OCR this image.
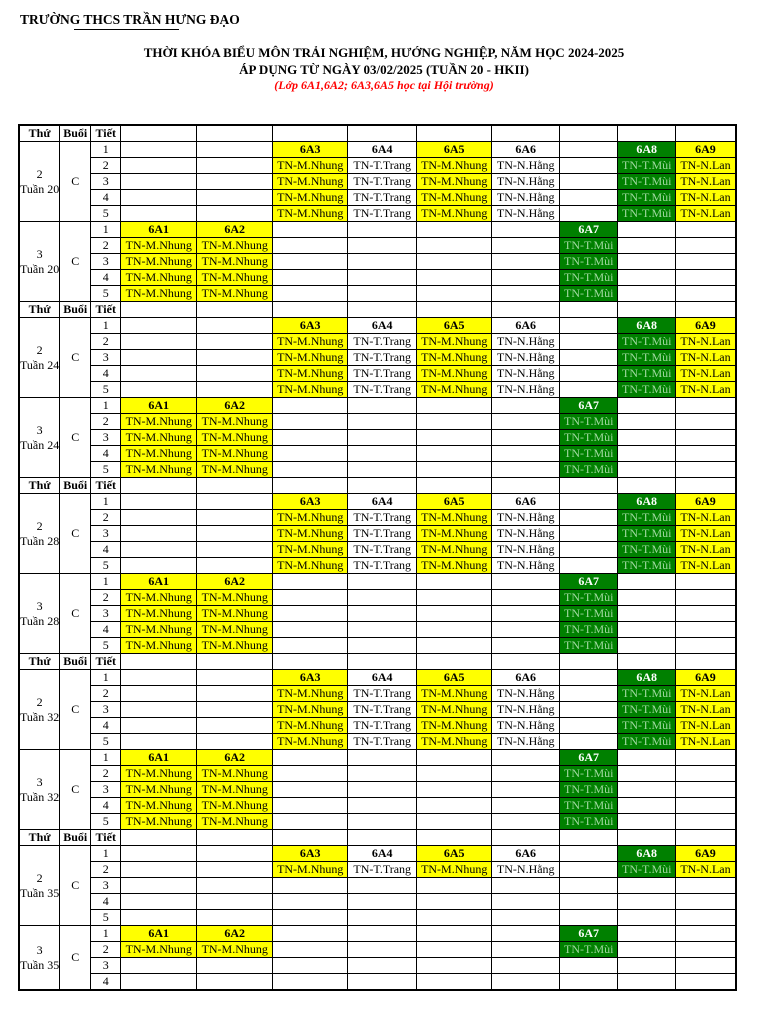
TRƯỜNG THCS TRẦN HƯNG ĐẠO
THỜI KHÓA BIỂU MÔN TRẢI NGHIỆM, HƯỚNG NGHIỆP, NĂM HỌC 2024-2025
ÁP DỤNG TỪ NGÀY 03/02/2025 (TUẦN 20 - HKII)
(Lớp 6A1,6A2; 6A3,6A5 học tại Hội trường)
Thứ	Buổi	Tiết									

2
Tuần 20	C	1			6A3	6A4	6A5	6A6		6A8	6A9
		2			TN-M.Nhung	TN-T.Trang	TN-M.Nhung	TN-N.Hằng		TN-T.Mùi	TN-N.Lan
		3			TN-M.Nhung	TN-T.Trang	TN-M.Nhung	TN-N.Hằng		TN-T.Mùi	TN-N.Lan
		4			TN-M.Nhung	TN-T.Trang	TN-M.Nhung	TN-N.Hằng		TN-T.Mùi	TN-N.Lan
		5			TN-M.Nhung	TN-T.Trang	TN-M.Nhung	TN-N.Hằng		TN-T.Mùi	TN-N.Lan

3
Tuần 20	C	1	6A1	6A2					6A7		
		2	TN-M.Nhung	TN-M.Nhung					TN-T.Mùi		
		3	TN-M.Nhung	TN-M.Nhung					TN-T.Mùi		
		4	TN-M.Nhung	TN-M.Nhung					TN-T.Mùi		
		5	TN-M.Nhung	TN-M.Nhung					TN-T.Mùi		
Thứ	Buổi	Tiết									

2
Tuần 24	C	1			6A3	6A4	6A5	6A6		6A8	6A9
		2			TN-M.Nhung	TN-T.Trang	TN-M.Nhung	TN-N.Hằng		TN-T.Mùi	TN-N.Lan
		3			TN-M.Nhung	TN-T.Trang	TN-M.Nhung	TN-N.Hằng		TN-T.Mùi	TN-N.Lan
		4			TN-M.Nhung	TN-T.Trang	TN-M.Nhung	TN-N.Hằng		TN-T.Mùi	TN-N.Lan
		5			TN-M.Nhung	TN-T.Trang	TN-M.Nhung	TN-N.Hằng		TN-T.Mùi	TN-N.Lan

3
Tuần 24	C	1	6A1	6A2					6A7		
		2	TN-M.Nhung	TN-M.Nhung					TN-T.Mùi		
		3	TN-M.Nhung	TN-M.Nhung					TN-T.Mùi		
		4	TN-M.Nhung	TN-M.Nhung					TN-T.Mùi		
		5	TN-M.Nhung	TN-M.Nhung					TN-T.Mùi		
Thứ	Buổi	Tiết									

2
Tuần 28	C	1			6A3	6A4	6A5	6A6		6A8	6A9
		2			TN-M.Nhung	TN-T.Trang	TN-M.Nhung	TN-N.Hằng		TN-T.Mùi	TN-N.Lan
		3			TN-M.Nhung	TN-T.Trang	TN-M.Nhung	TN-N.Hằng		TN-T.Mùi	TN-N.Lan
		4			TN-M.Nhung	TN-T.Trang	TN-M.Nhung	TN-N.Hằng		TN-T.Mùi	TN-N.Lan
		5			TN-M.Nhung	TN-T.Trang	TN-M.Nhung	TN-N.Hằng		TN-T.Mùi	TN-N.Lan

3
Tuần 28	C	1	6A1	6A2					6A7		
		2	TN-M.Nhung	TN-M.Nhung					TN-T.Mùi		
		3	TN-M.Nhung	TN-M.Nhung					TN-T.Mùi		
		4	TN-M.Nhung	TN-M.Nhung					TN-T.Mùi		
		5	TN-M.Nhung	TN-M.Nhung					TN-T.Mùi		
Thứ	Buổi	Tiết									

2
Tuần 32	C	1			6A3	6A4	6A5	6A6		6A8	6A9
		2			TN-M.Nhung	TN-T.Trang	TN-M.Nhung	TN-N.Hằng		TN-T.Mùi	TN-N.Lan
		3			TN-M.Nhung	TN-T.Trang	TN-M.Nhung	TN-N.Hằng		TN-T.Mùi	TN-N.Lan
		4			TN-M.Nhung	TN-T.Trang	TN-M.Nhung	TN-N.Hằng		TN-T.Mùi	TN-N.Lan
		5			TN-M.Nhung	TN-T.Trang	TN-M.Nhung	TN-N.Hằng		TN-T.Mùi	TN-N.Lan

3
Tuần 32	C	1	6A1	6A2					6A7		
		2	TN-M.Nhung	TN-M.Nhung					TN-T.Mùi		
		3	TN-M.Nhung	TN-M.Nhung					TN-T.Mùi		
		4	TN-M.Nhung	TN-M.Nhung					TN-T.Mùi		
		5	TN-M.Nhung	TN-M.Nhung					TN-T.Mùi		
Thứ	Buổi	Tiết									

2
Tuần 35	C	1			6A3	6A4	6A5	6A6		6A8	6A9
		2			TN-M.Nhung	TN-T.Trang	TN-M.Nhung	TN-N.Hằng		TN-T.Mùi	TN-N.Lan
		3									
		4									
		5									

3
Tuần 35	C	1	6A1	6A2					6A7		
		2	TN-M.Nhung	TN-M.Nhung					TN-T.Mùi		
		3									
		4									
